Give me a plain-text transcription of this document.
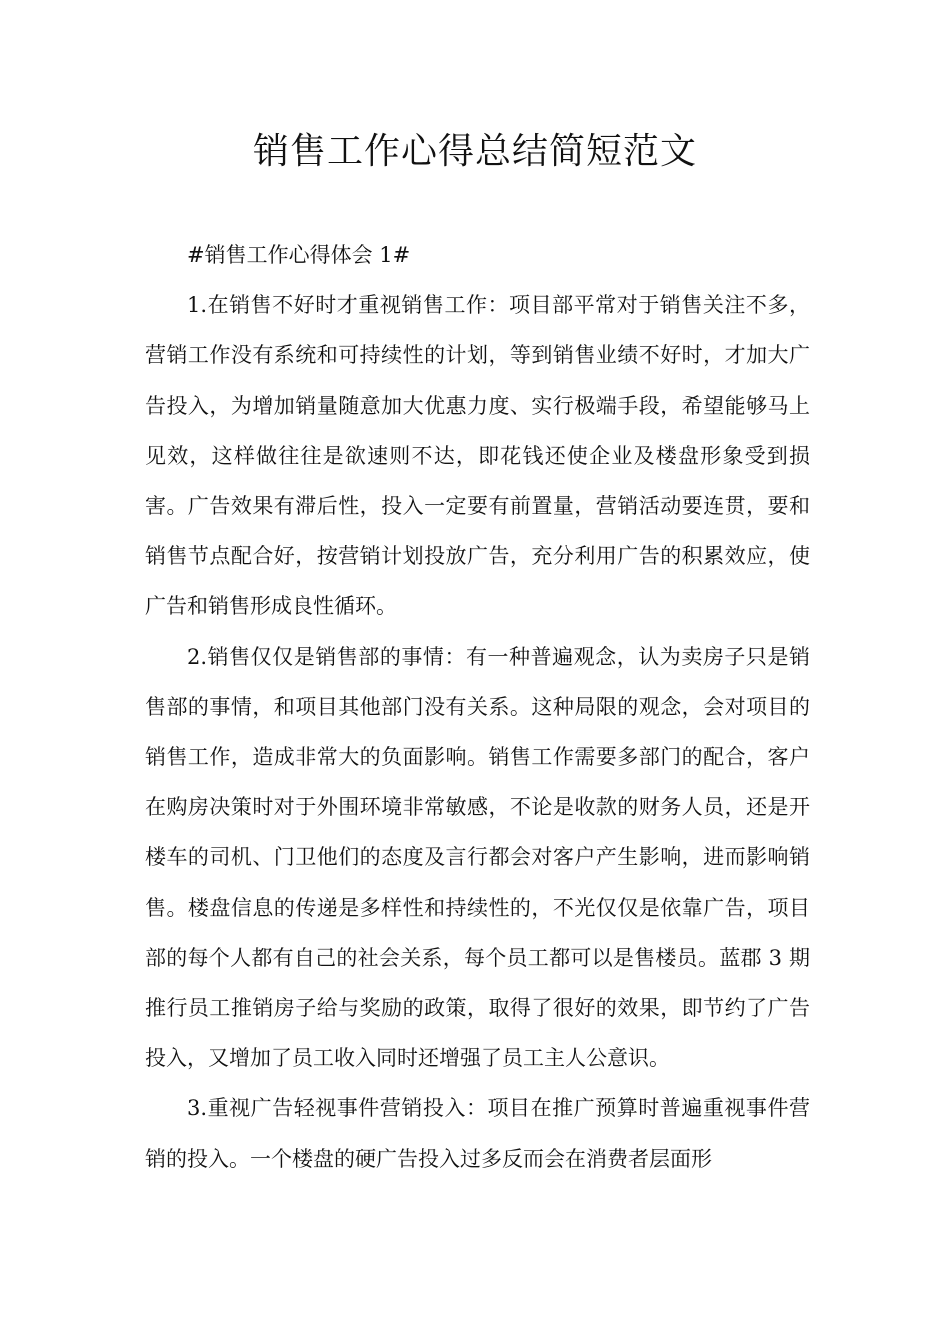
销售工作心得总结简短范文

#销售工作心得体会 1#

1.在销售不好时才重视销售工作：项目部平常对于销售关注不多，营销工作没有系统和可持续性的计划，等到销售业绩不好时，才加大广告投入，为增加销量随意加大优惠力度、实行极端手段，希望能够马上见效，这样做往往是欲速则不达，即花钱还使企业及楼盘形象受到损害。广告效果有滞后性，投入一定要有前置量，营销活动要连贯，要和销售节点配合好，按营销计划投放广告，充分利用广告的积累效应，使广告和销售形成良性循环。

2.销售仅仅是销售部的事情：有一种普遍观念，认为卖房子只是销售部的事情，和项目其他部门没有关系。这种局限的观念，会对项目的销售工作，造成非常大的负面影响。销售工作需要多部门的配合，客户在购房决策时对于外围环境非常敏感，不论是收款的财务人员，还是开楼车的司机、门卫他们的态度及言行都会对客户产生影响，进而影响销售。楼盘信息的传递是多样性和持续性的，不光仅仅是依靠广告，项目部的每个人都有自己的社会关系，每个员工都可以是售楼员。蓝郡 3 期推行员工推销房子给与奖励的政策，取得了很好的效果，即节约了广告投入，又增加了员工收入同时还增强了员工主人公意识。

3.重视广告轻视事件营销投入：项目在推广预算时普遍重视事件营销的投入。一个楼盘的硬广告投入过多反而会在消费者层面形
